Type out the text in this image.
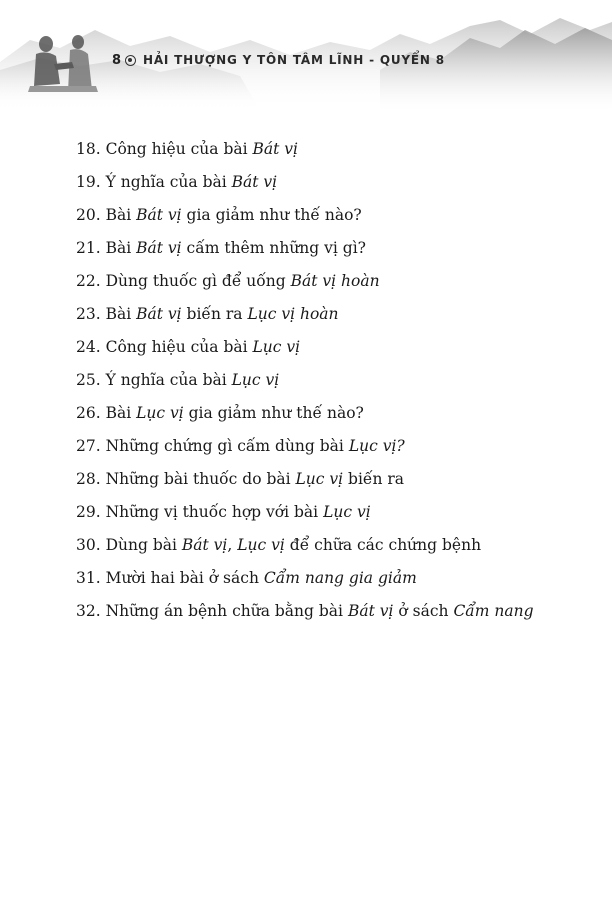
8 HẢI THƯỢNG Y TÔN TÂM LĨNH - QUYỂN 8
18. Công hiệu của bài Bát vị
19. Ý nghĩa của bài Bát vị
20. Bài Bát vị gia giảm như thế nào?
21. Bài Bát vị cấm thêm những vị gì?
22. Dùng thuốc gì để uống Bát vị hoàn
23. Bài Bát vị biến ra Lục vị hoàn
24. Công hiệu của bài Lục vị
25. Ý nghĩa của bài Lục vị
26. Bài Lục vị gia giảm như thế nào?
27. Những chứng gì cấm dùng bài Lục vị?
28. Những bài thuốc do bài Lục vị biến ra
29. Những vị thuốc hợp với bài Lục vị
30. Dùng bài Bát vị, Lục vị để chữa các chứng bệnh
31. Mười hai bài ở sách Cẩm nang gia giảm
32. Những án bệnh chữa bằng bài Bát vị ở sách Cẩm nang
